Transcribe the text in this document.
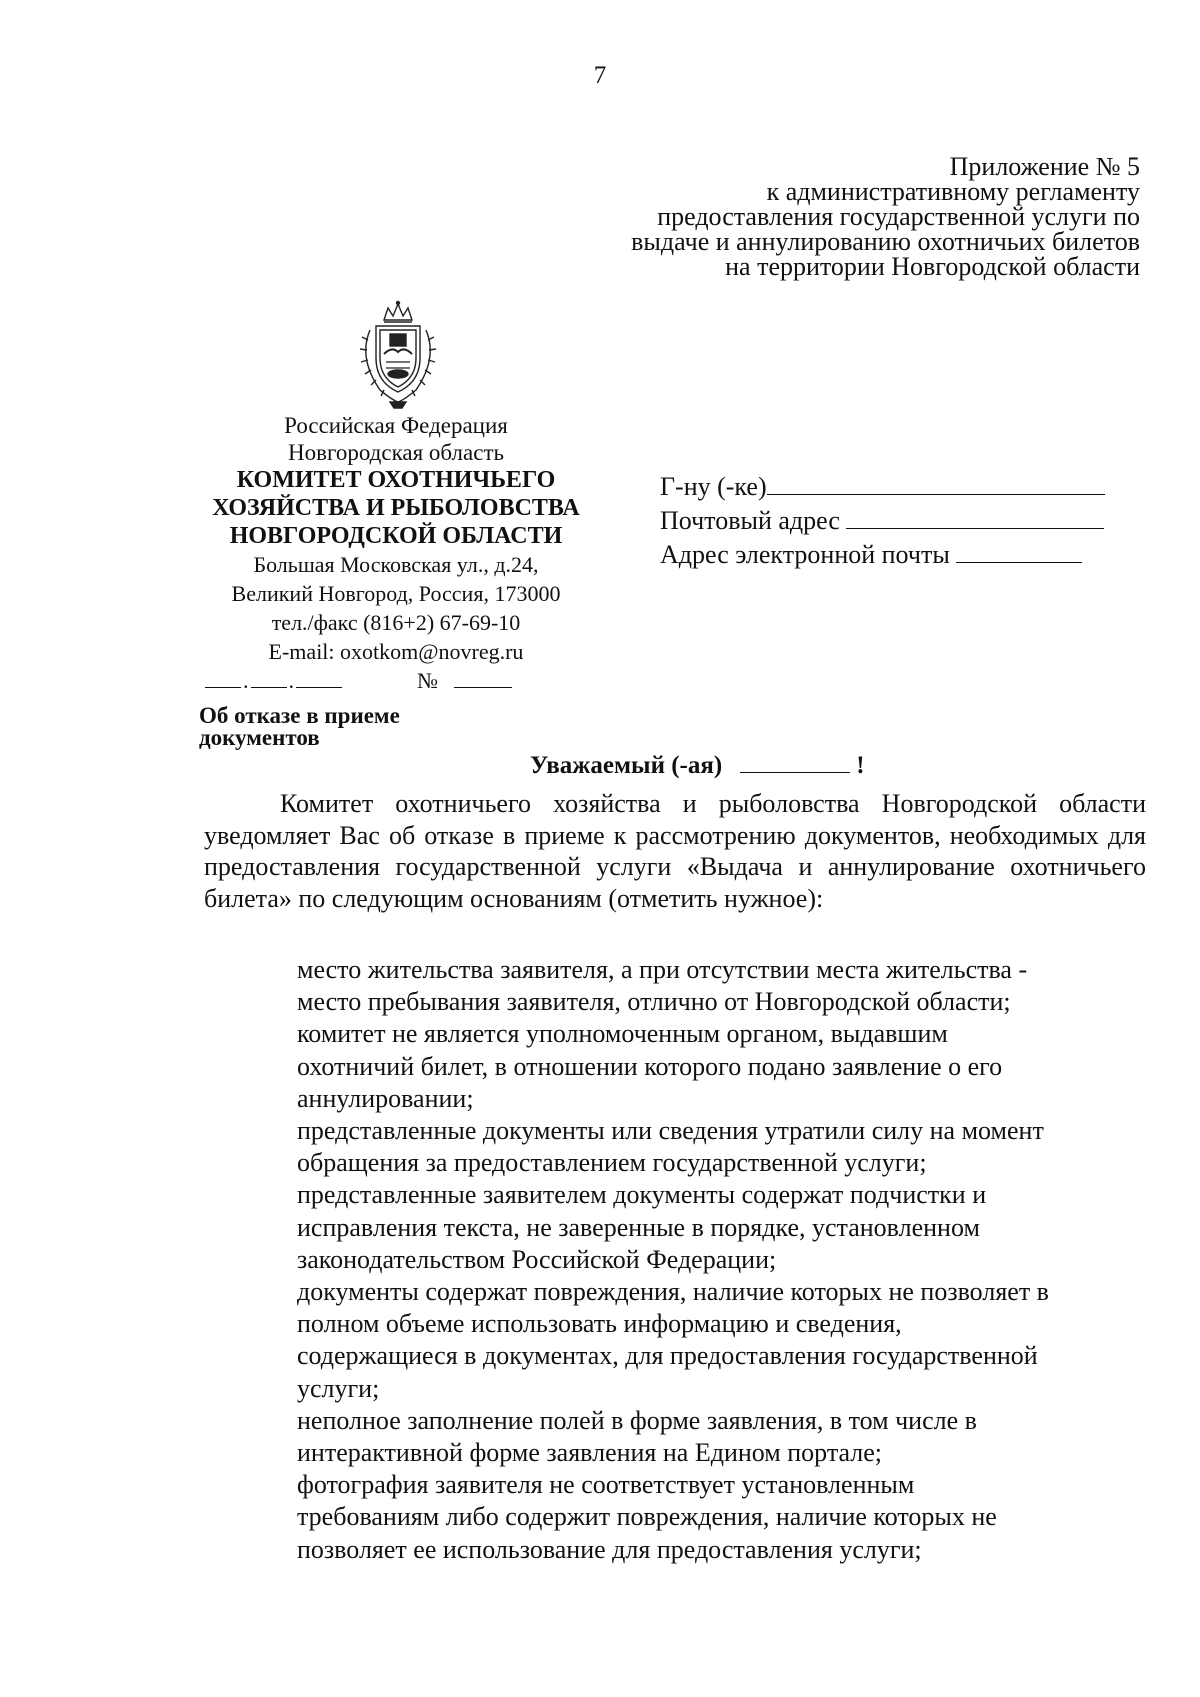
7
Приложение № 5
к административному регламенту
предоставления государственной услуги по
выдаче и аннулированию охотничьих билетов
на территории Новгородской области
Российская Федерация
Новгородская область
КОМИТЕТ ОХОТНИЧЬЕГО
ХОЗЯЙСТВА И РЫБОЛОВСТВА
НОВГОРОДСКОЙ ОБЛАСТИ
Большая Московская ул., д.24,
Великий Новгород, Россия, 173000
тел./факс (816+2) 67-69-10
E-mail: oxotkom@novreg.ru
. .	№
Г-ну (-ке)
Почтовый адрес
Адрес электронной почты
Об отказе в приеме
документов
Уважаемый (-ая)	!
Комитет охотничьего хозяйства и рыболовства Новгородской области уведомляет Вас об отказе в приеме к рассмотрению документов, необходимых для предоставления государственной услуги «Выдача и аннулирование охотничьего билета» по следующим основаниям (отметить нужное):
место жительства заявителя, а при отсутствии места жительства -
место пребывания заявителя, отлично от Новгородской области;
комитет не является уполномоченным органом, выдавшим
охотничий билет, в отношении которого подано заявление о его
аннулировании;
представленные документы или сведения утратили силу на момент
обращения за предоставлением государственной услуги;
представленные заявителем документы содержат подчистки и
исправления текста, не заверенные в порядке, установленном
законодательством Российской Федерации;
документы содержат повреждения, наличие которых не позволяет в
полном объеме использовать информацию и сведения,
содержащиеся в документах, для предоставления государственной
услуги;
неполное заполнение полей в форме заявления, в том числе в
интерактивной форме заявления на Едином портале;
фотография заявителя не соответствует установленным
требованиям либо содержит повреждения, наличие которых не
позволяет ее использование для предоставления услуги;
